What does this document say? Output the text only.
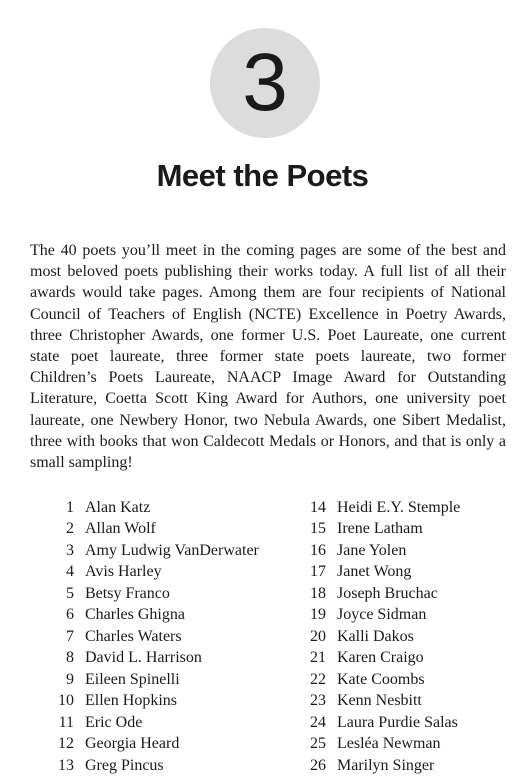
3
Meet the Poets

The 40 poets you’ll meet in the coming pages are some of the best and most beloved poets publishing their works today. A full list of all their awards would take pages. Among them are four recipients of National Council of Teachers of English (NCTE) Excellence in Poetry Awards, three Christopher Awards, one former U.S. Poet Laureate, one current state poet laureate, three former state poets laureate, two former Children’s Poets Laureate, NAACP Image Award for Outstanding Literature, Coetta Scott King Award for Authors, one university poet laureate, one Newbery Honor, two Nebula Awards, one Sibert Medalist, three with books that won Caldecott Medals or Honors, and that is only a small sampling!

1 Alan Katz
2 Allan Wolf
3 Amy Ludwig VanDerwater
4 Avis Harley
5 Betsy Franco
6 Charles Ghigna
7 Charles Waters
8 David L. Harrison
9 Eileen Spinelli
10 Ellen Hopkins
11 Eric Ode
12 Georgia Heard
13 Greg Pincus
14 Heidi E.Y. Stemple
15 Irene Latham
16 Jane Yolen
17 Janet Wong
18 Joseph Bruchac
19 Joyce Sidman
20 Kalli Dakos
21 Karen Craigo
22 Kate Coombs
23 Kenn Nesbitt
24 Laura Purdie Salas
25 Lesléa Newman
26 Marilyn Singer
